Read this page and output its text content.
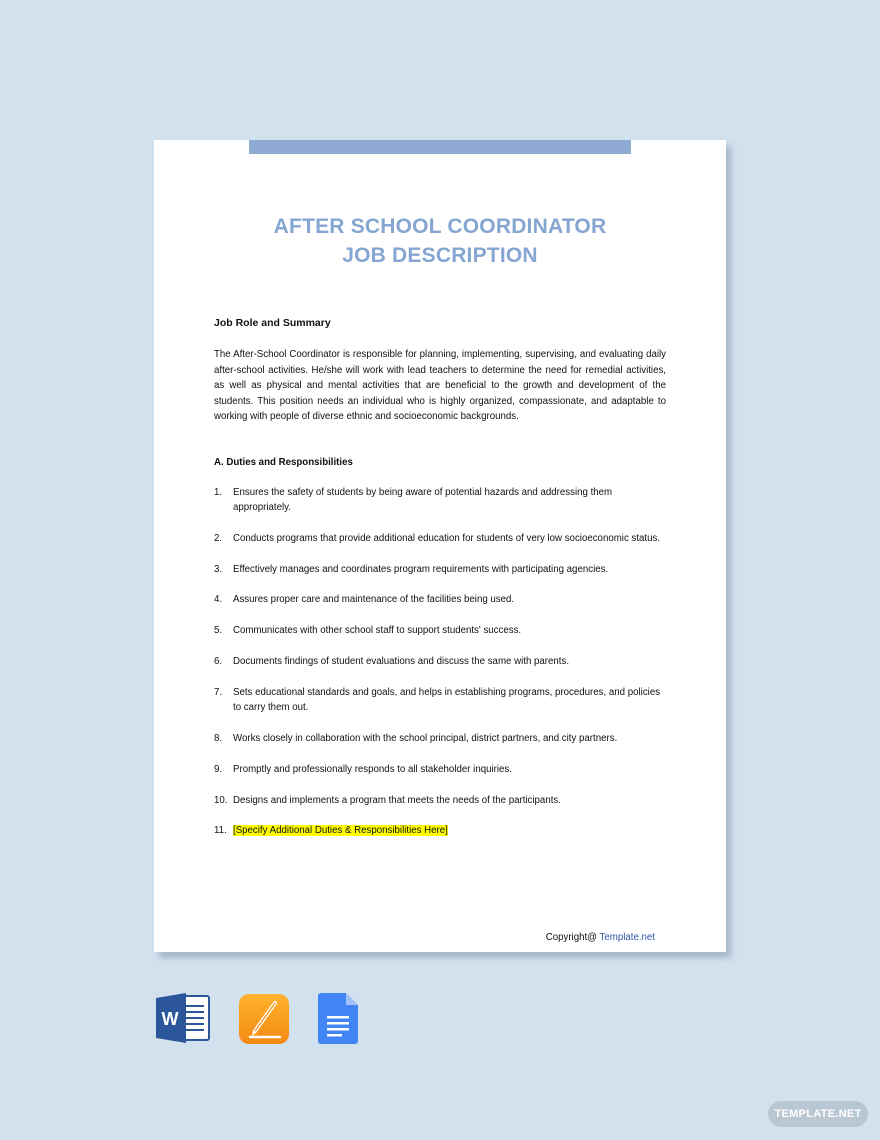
AFTER SCHOOL COORDINATOR
JOB DESCRIPTION
Job Role and Summary
The After-School Coordinator is responsible for planning, implementing, supervising, and evaluating daily after-school activities. He/she will work with lead teachers to determine the need for remedial activities, as well as physical and mental activities that are beneficial to the growth and development of the students. This position needs an individual who is highly organized, compassionate, and adaptable to working with people of diverse ethnic and socioeconomic backgrounds.
A. Duties and Responsibilities
1.	Ensures the safety of students by being aware of potential hazards and addressing them appropriately.
2.	Conducts programs that provide additional education for students of very low socioeconomic status.
3.	Effectively manages and coordinates program requirements with participating agencies.
4.	Assures proper care and maintenance of the facilities being used.
5.	Communicates with other school staff to support students' success.
6.	Documents findings of student evaluations and discuss the same with parents.
7.	Sets educational standards and goals, and helps in establishing programs, procedures, and policies to carry them out.
8.	Works closely in collaboration with the school principal, district partners, and city partners.
9.	Promptly and professionally responds to all stakeholder inquiries.
10. Designs and implements a program that meets the needs of the participants.
11. [Specify Additional Duties & Responsibilities Here]
Copyright@ Template.net
W
TEMPLATE.NET
